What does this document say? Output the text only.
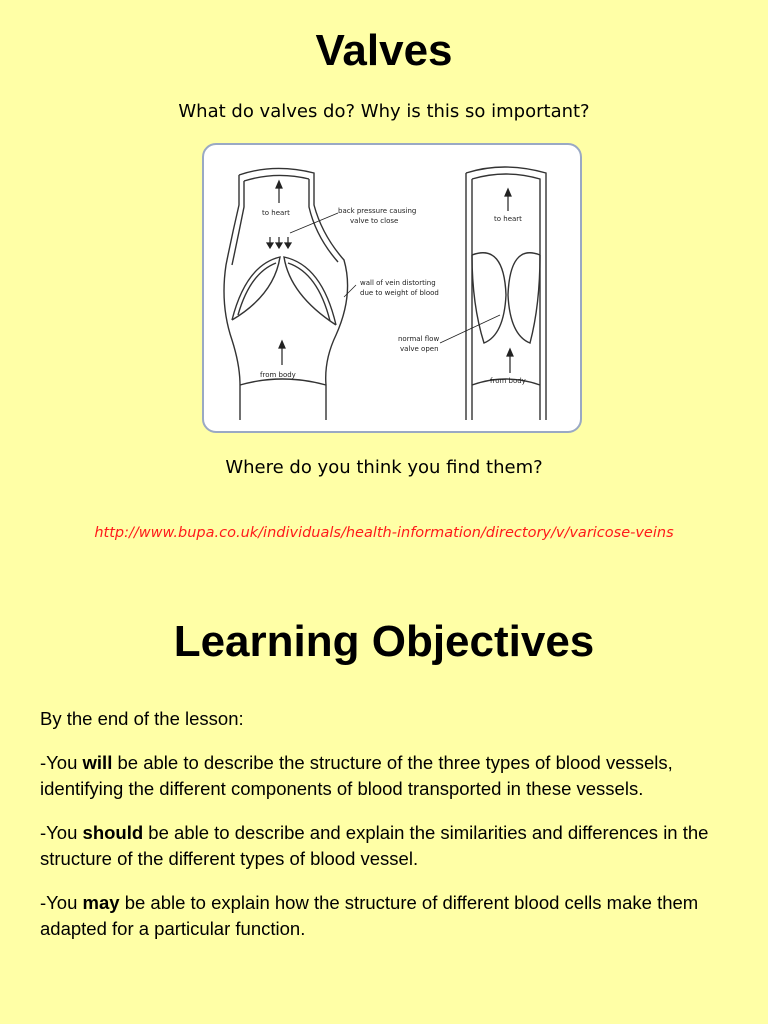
Valves
What do valves do? Why is this so important?
to heart	back pressure causing
valve to close
wall of vein distorting
due to weight of blood
normal flow
valve open
from body
to heart
from body
Where do you think you find them?
http://www.bupa.co.uk/individuals/health-information/directory/v/varicose-veins
Learning Objectives

By the end of the lesson:

-You will be able to describe the structure of the three types of blood vessels, identifying the different components of blood transported in these vessels.

-You should be able to describe and explain the similarities and differences in the structure of the different types of blood vessel.

-You may be able to explain how the structure of different blood cells make them adapted for a particular function.
